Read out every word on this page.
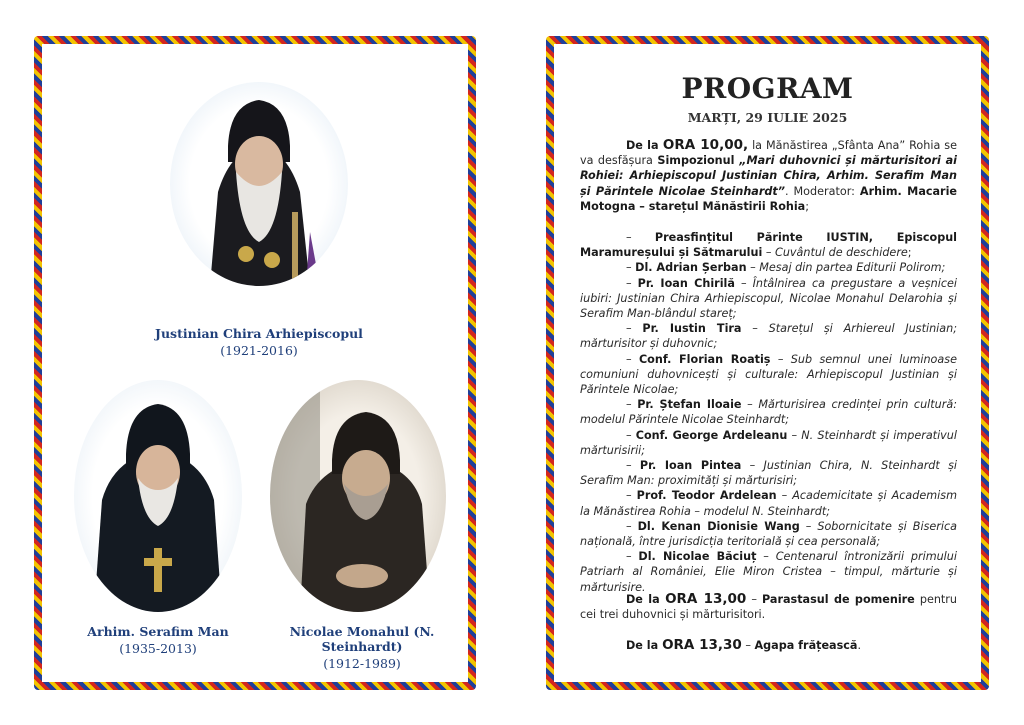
Justinian Chira Arhiepiscopul
(1921-2016)
Arhim. Serafim Man
(1935-2013)
Nicolae Monahul (N. Steinhardt)
(1912-1989)
PROGRAM
MARȚI, 29 IULIE 2025

De la ORA 10,00, la Mănăstirea „Sfânta Ana” Rohia se va desfășura Simpozionul „Mari duhovnici și mărturisitori ai Rohiei: Arhiepiscopul Justinian Chira, Arhim. Serafim Man și Părintele Nicolae Steinhardt”. Moderator: Arhim. Macarie Motogna – starețul Mănăstirii Rohia;

– Preasfințitul Părinte IUSTIN, Episcopul Maramureșului și Sătmarului – Cuvântul de deschidere;

– Dl. Adrian Șerban – Mesaj din partea Editurii Polirom;

– Pr. Ioan Chirilă – Întâlnirea ca pregustare a veșnicei iubiri: Justinian Chira Arhiepiscopul, Nicolae Monahul Delarohia și Serafim Man-blândul stareț;

– Pr. Iustin Tira – Starețul și Arhiereul Justinian; mărturisitor și duhovnic;

– Conf. Florian Roatiș – Sub semnul unei luminoase comuniuni duhovnicești și culturale: Arhiepiscopul Justinian și Părintele Nicolae;

– Pr. Ștefan Iloaie – Mărturisirea credinței prin cultură: modelul Părintele Nicolae Steinhardt;

– Conf. George Ardeleanu – N. Steinhardt și imperativul mărturisirii;

– Pr. Ioan Pintea – Justinian Chira, N. Steinhardt și Serafim Man: proximități și mărturisiri;

– Prof. Teodor Ardelean – Academicitate și Academism la Mănăstirea Rohia – modelul N. Steinhardt;

– Dl. Kenan Dionisie Wang – Sobornicitate și Biserica națională, între jurisdicția teritorială și cea personală;

– Dl. Nicolae Băciuț – Centenarul întronizării primului Patriarh al României, Elie Miron Cristea – timpul, mărturie și mărturisire.

De la ORA 13,00 – Parastasul de pomenire pentru cei trei duhovnici și mărturisitori.

De la ORA 13,30 – Agapa frățească.
